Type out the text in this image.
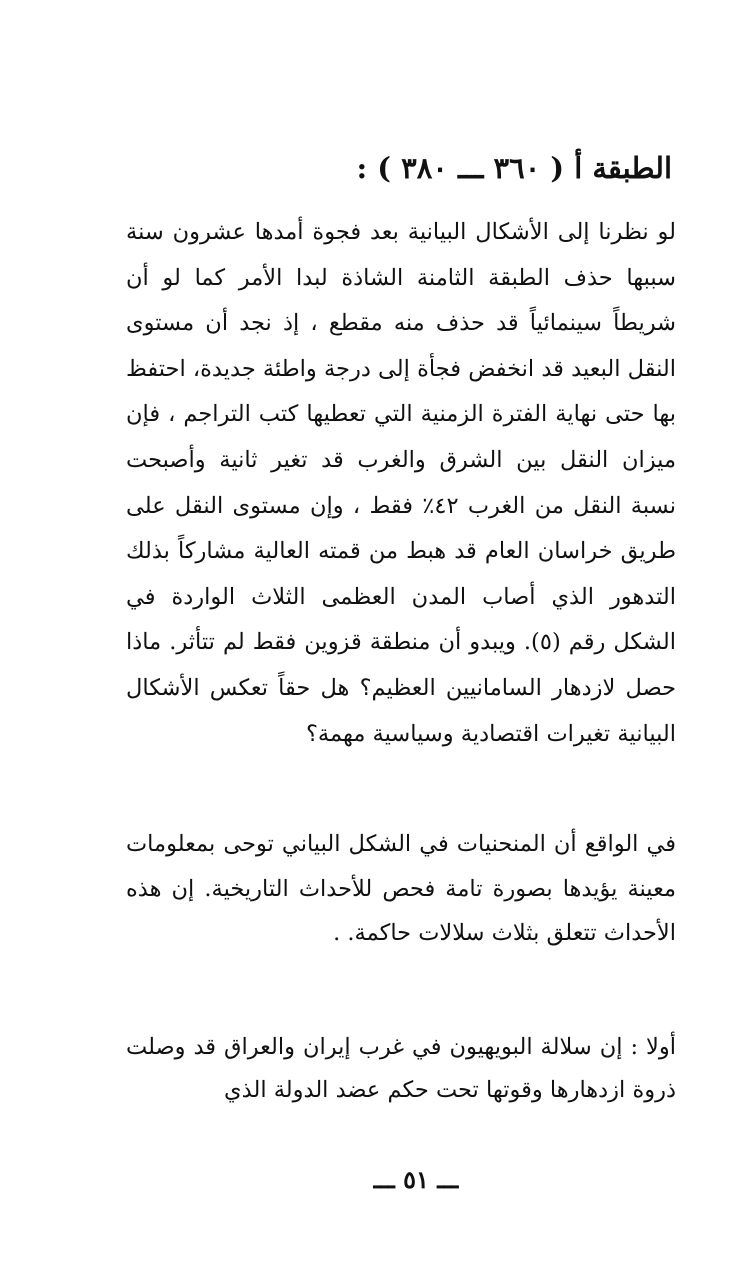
الطبقة أ ( ٣٦٠ ـــ ٣٨٠ ) :

لو نظرنا إلى الأشكال البيانية بعد فجوة أمدها عشرون سنة سببها حذف الطبقة الثامنة الشاذة لبدا الأمر كما لو أن شريطاً سينمائياً قد حذف منه مقطع ، إذ نجد أن مستوى النقل البعيد قد انخفض فجأة إلى درجة واطئة جديدة، احتفظ بها حتى نهاية الفترة الزمنية التي تعطيها كتب التراجم ، فإن ميزان النقل بين الشرق والغرب قد تغير ثانية وأصبحت نسبة النقل من الغرب ٤٢٪ فقط ، وإن مستوى النقل على طريق خراسان العام قد هبط من قمته العالية مشاركاً بذلك التدهور الذي أصاب المدن العظمى الثلاث الواردة في الشكل رقم (٥). ويبدو أن منطقة قزوين فقط لم تتأثر. ماذا حصل لازدهار السامانيين العظيم؟ هل حقاً تعكس الأشكال البيانية تغيرات اقتصادية وسياسية مهمة؟

في الواقع أن المنحنيات في الشكل البياني توحى بمعلومات معينة يؤيدها بصورة تامة فحص للأحداث التاريخية. إن هذه الأحداث تتعلق بثلاث سلالات حاكمة. .

أولا : إن سلالة البويهيون في غرب إيران والعراق قد وصلت ذروة ازدهارها وقوتها تحت حكم عضد الدولة الذي

ـــ ٥١ ـــ
